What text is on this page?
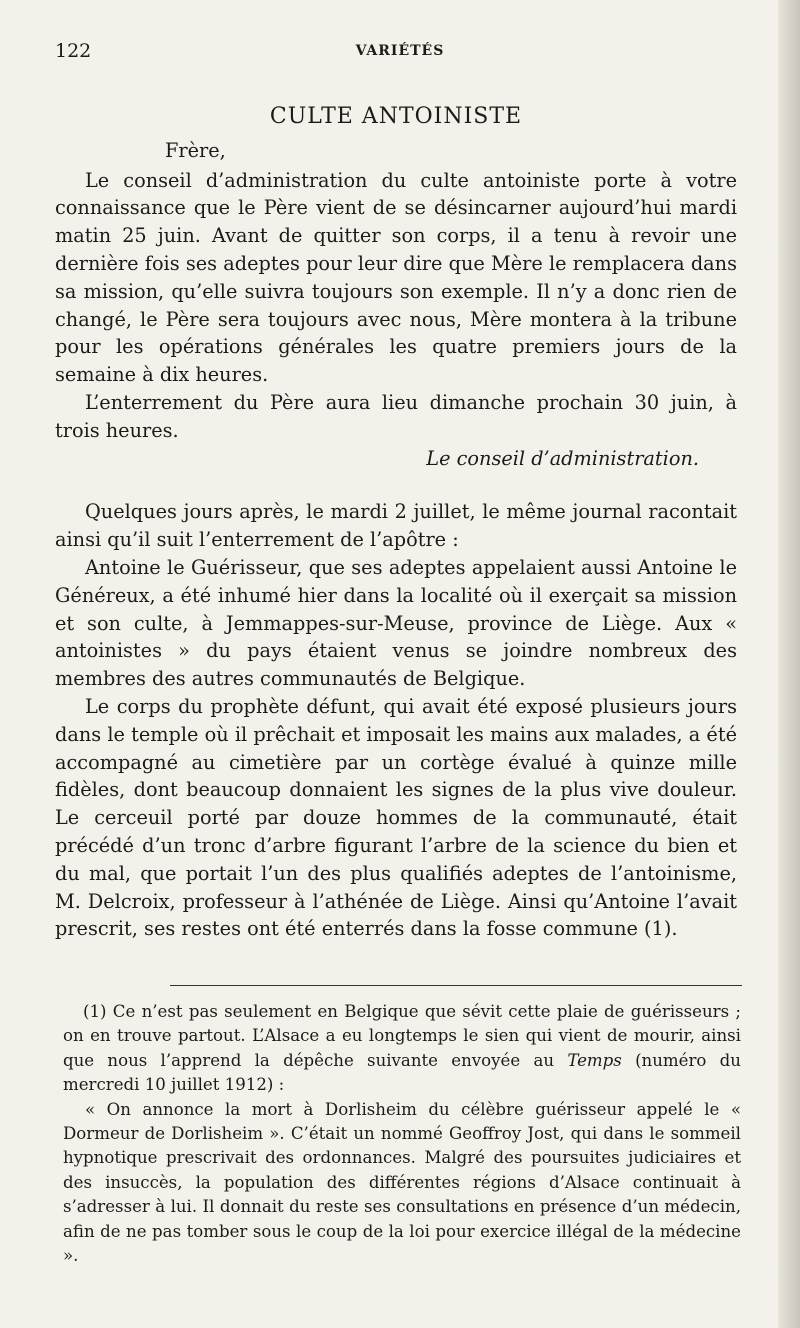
122	VARIÉTÉS
CULTE ANTOINISTE

Frère,

Le conseil d’administration du culte antoiniste porte à votre connaissance que le Père vient de se désincarner aujourd’hui mardi matin 25 juin. Avant de quitter son corps, il a tenu à revoir une dernière fois ses adeptes pour leur dire que Mère le remplacera dans sa mission, qu’elle suivra toujours son exemple. Il n’y a donc rien de changé, le Père sera toujours avec nous, Mère montera à la tribune pour les opérations générales les quatre premiers jours de la semaine à dix heures.

L’enterrement du Père aura lieu dimanche prochain 30 juin, à trois heures.

Le conseil d’administration.

Quelques jours après, le mardi 2 juillet, le même journal racontait ainsi qu’il suit l’enterrement de l’apôtre :

Antoine le Guérisseur, que ses adeptes appelaient aussi Antoine le Généreux, a été inhumé hier dans la localité où il exerçait sa mission et son culte, à Jemmappes-sur-Meuse, province de Liège. Aux « antoinistes » du pays étaient venus se joindre nombreux des membres des autres communautés de Belgique.

Le corps du prophète défunt, qui avait été exposé plusieurs jours dans le temple où il prêchait et imposait les mains aux malades, a été accompagné au cimetière par un cortège évalué à quinze mille fidèles, dont beaucoup donnaient les signes de la plus vive douleur. Le cerceuil porté par douze hommes de la communauté, était précédé d’un tronc d’arbre figurant l’arbre de la science du bien et du mal, que portait l’un des plus qualifiés adeptes de l’antoinisme, M. Delcroix, professeur à l’athénée de Liège. Ainsi qu’Antoine l’avait prescrit, ses restes ont été enterrés dans la fosse commune (1).

(1) Ce n’est pas seulement en Belgique que sévit cette plaie de guérisseurs ; on en trouve partout. L’Alsace a eu longtemps le sien qui vient de mourir, ainsi que nous l’apprend la dépêche suivante envoyée au Temps (numéro du mercredi 10 juillet 1912) :

« On annonce la mort à Dorlisheim du célèbre guérisseur appelé le « Dormeur de Dorlisheim ». C’était un nommé Geoffroy Jost, qui dans le sommeil hypnotique prescrivait des ordonnances. Malgré des poursuites judiciaires et des insuccès, la population des différentes régions d’Alsace continuait à s’adresser à lui. Il donnait du reste ses consultations en présence d’un médecin, afin de ne pas tomber sous le coup de la loi pour exercice illégal de la médecine ».
